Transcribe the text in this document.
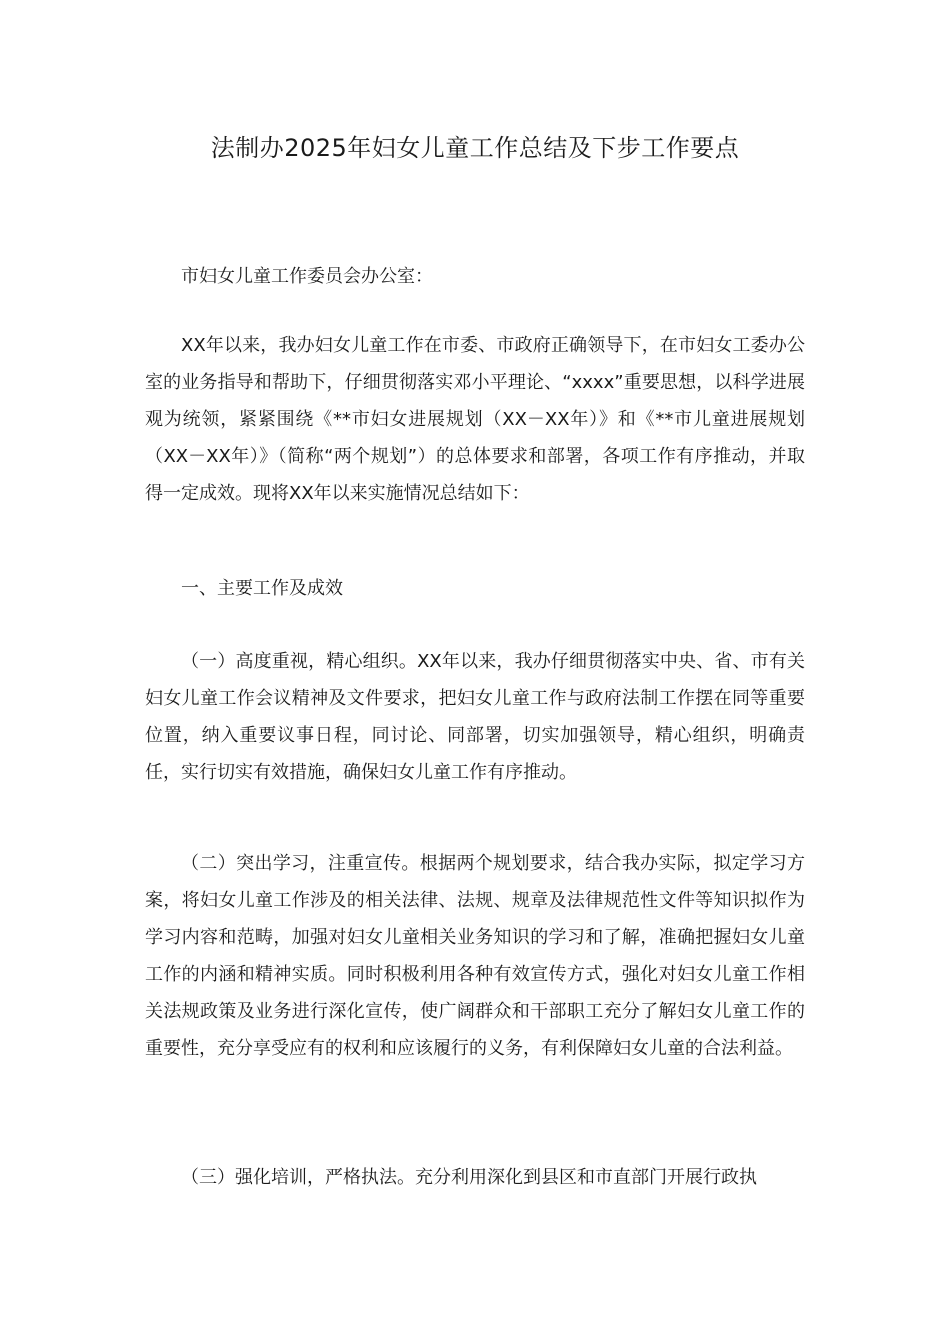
法制办2025年妇女儿童工作总结及下步工作要点

市妇女儿童工作委员会办公室：

XX年以来，我办妇女儿童工作在市委、市政府正确领导下，在市妇女工委办公室的业务指导和帮助下，仔细贯彻落实邓小平理论、“xxxx”重要思想，以科学进展观为统领，紧紧围绕《**市妇女进展规划（XX－XX年）》和《**市儿童进展规划（XX－XX年）》（简称“两个规划”）的总体要求和部署，各项工作有序推动，并取得一定成效。现将XX年以来实施情况总结如下：

一、主要工作及成效

（一）高度重视，精心组织。XX年以来，我办仔细贯彻落实中央、省、市有关妇女儿童工作会议精神及文件要求，把妇女儿童工作与政府法制工作摆在同等重要位置，纳入重要议事日程，同讨论、同部署，切实加强领导，精心组织，明确责任，实行切实有效措施，确保妇女儿童工作有序推动。

（二）突出学习，注重宣传。根据两个规划要求，结合我办实际，拟定学习方案，将妇女儿童工作涉及的相关法律、法规、规章及法律规范性文件等知识拟作为学习内容和范畴，加强对妇女儿童相关业务知识的学习和了解，准确把握妇女儿童工作的内涵和精神实质。同时积极利用各种有效宣传方式，强化对妇女儿童工作相关法规政策及业务进行深化宣传，使广阔群众和干部职工充分了解妇女儿童工作的重要性，充分享受应有的权利和应该履行的义务，有利保障妇女儿童的合法利益。

（三）强化培训，严格执法。充分利用深化到县区和市直部门开展行政执
